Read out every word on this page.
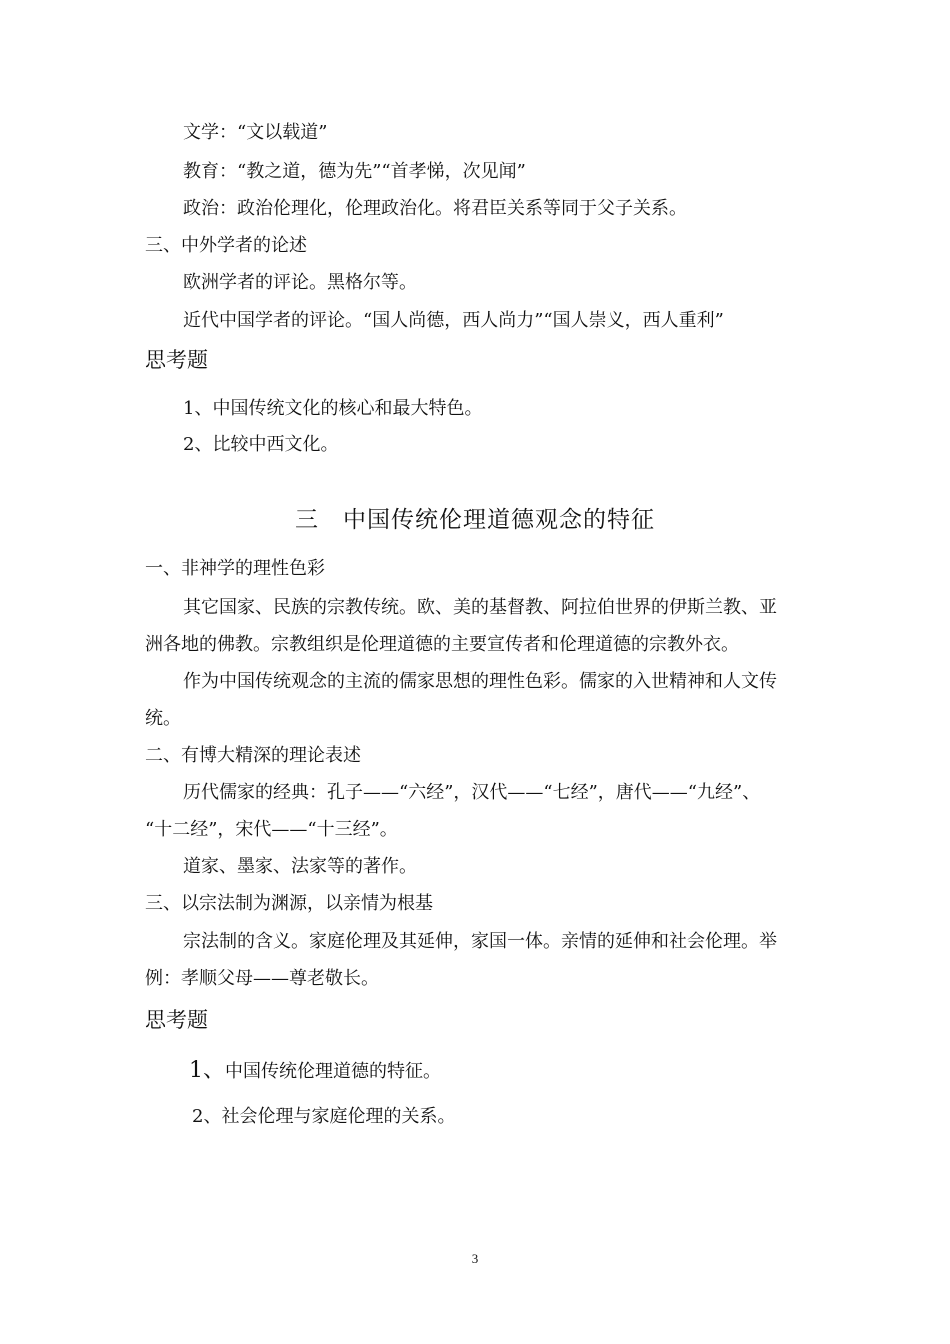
文学：“文以载道”
教育：“教之道，德为先”“首孝悌，次见闻”
政治：政治伦理化，伦理政治化。将君臣关系等同于父子关系。
三、中外学者的论述
欧洲学者的评论。黑格尔等。
近代中国学者的评论。“国人尚德，西人尚力”“国人崇义，西人重利”
思考题
1、中国传统文化的核心和最大特色。
2、比较中西文化。
三　中国传统伦理道德观念的特征
一、非神学的理性色彩
其它国家、民族的宗教传统。欧、美的基督教、阿拉伯世界的伊斯兰教、亚
洲各地的佛教。宗教组织是伦理道德的主要宣传者和伦理道德的宗教外衣。
作为中国传统观念的主流的儒家思想的理性色彩。儒家的入世精神和人文传
统。
二、有博大精深的理论表述
历代儒家的经典：孔子——“六经”，汉代——“七经”，唐代——“九经”、
“十二经”，宋代——“十三经”。
道家、墨家、法家等的著作。
三、以宗法制为渊源，以亲情为根基
宗法制的含义。家庭伦理及其延伸，家国一体。亲情的延伸和社会伦理。举
例：孝顺父母——尊老敬长。
思考题
1、中国传统伦理道德的特征。
2、社会伦理与家庭伦理的关系。
3
